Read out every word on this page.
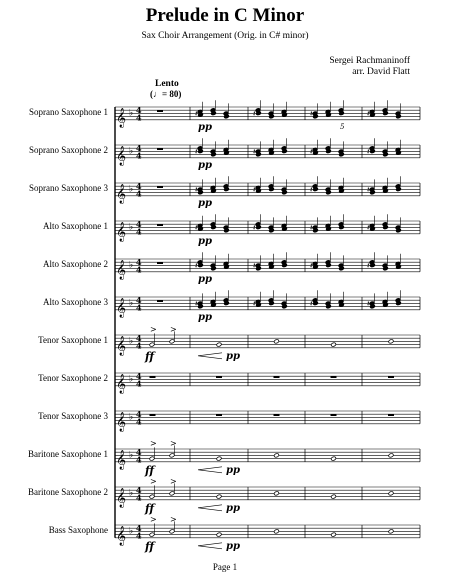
Prelude in C Minor
Sax Choir Arrangement (Orig. in C# minor)
Sergei Rachmaninoff
arr. David Flatt
Lento
(♩= 80)
Soprano Saxophone 1
Soprano Saxophone 2
Soprano Saxophone 3
Alto Saxophone 1
Alto Saxophone 2
Alto Saxophone 3
Tenor Saxophone 1
Tenor Saxophone 2
Tenor Saxophone 3
Baritone Saxophone 1
Baritone Saxophone 2
Bass Saxophone
𝄞 ♭ 4
4	𝄽	𝄽	𝄽	𝄽
pp
𝄞 ♭ 4
4	𝄽	𝄽	𝄽	𝄽
pp
𝄞 ♭ 4
4	𝄽	𝄽	𝄽	𝄽
pp
𝄞 ♭ 4
4	𝄽	𝄽	𝄽	𝄽
pp
𝄞 ♭ 4
4	𝄽	𝄽	𝄽	𝄽
pp
𝄞 ♭ 4
4	𝄽	𝄽	𝄽	𝄽
pp
𝄞 ♭ 4
4
> >
ff	pp
𝄞 ♭ 4
4
𝄞 ♭ 4
4
𝄞 ♭ 4
4
> >
ff	pp
𝄞 ♭ 4
4
> >
ff	pp
𝄞 ♭ 4
4
> >
ff	pp
5
Page 1
